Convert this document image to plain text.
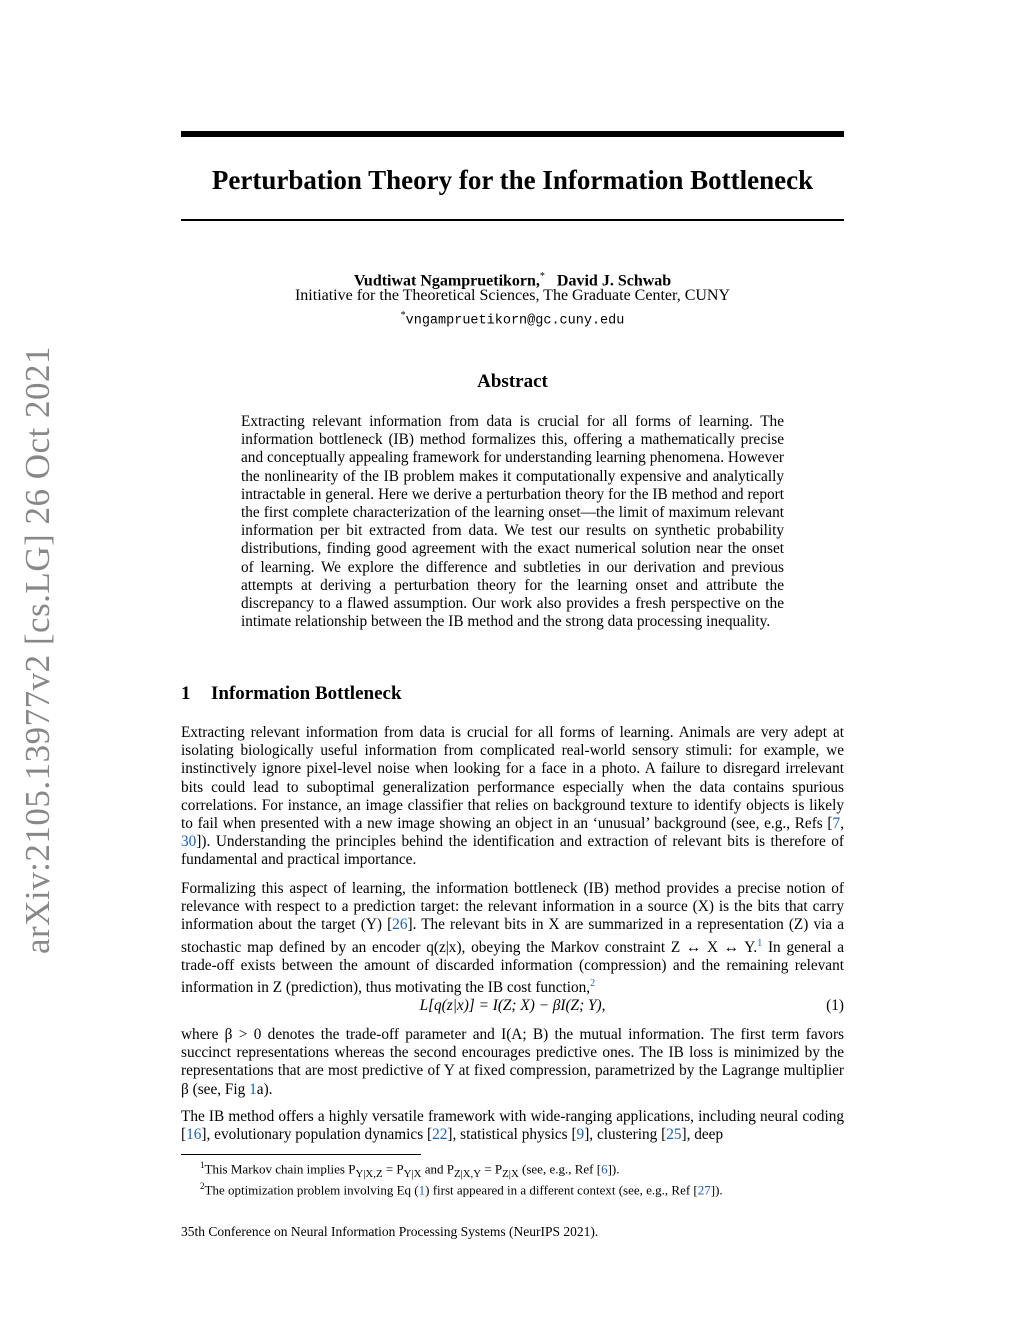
arXiv:2105.13977v2 [cs.LG] 26 Oct 2021
Perturbation Theory for the Information Bottleneck
Vudtiwat Ngampruetikorn,* David J. Schwab
Initiative for the Theoretical Sciences, The Graduate Center, CUNY
*vngampruetikorn@gc.cuny.edu
Abstract
Extracting relevant information from data is crucial for all forms of learning. The information bottleneck (IB) method formalizes this, offering a mathematically precise and conceptually appealing framework for understanding learning phenomena. However the nonlinearity of the IB problem makes it computationally expensive and analytically intractable in general. Here we derive a perturbation theory for the IB method and report the first complete characterization of the learning onset—the limit of maximum relevant information per bit extracted from data. We test our results on synthetic probability distributions, finding good agreement with the exact numerical solution near the onset of learning. We explore the difference and subtleties in our derivation and previous attempts at deriving a perturbation theory for the learning onset and attribute the discrepancy to a flawed assumption. Our work also provides a fresh perspective on the intimate relationship between the IB method and the strong data processing inequality.
1 Information Bottleneck
Extracting relevant information from data is crucial for all forms of learning. Animals are very adept at isolating biologically useful information from complicated real-world sensory stimuli: for example, we instinctively ignore pixel-level noise when looking for a face in a photo. A failure to disregard irrelevant bits could lead to suboptimal generalization performance especially when the data contains spurious correlations. For instance, an image classifier that relies on background texture to identify objects is likely to fail when presented with a new image showing an object in an ‘unusual’ background (see, e.g., Refs [7, 30]). Understanding the principles behind the identification and extraction of relevant bits is therefore of fundamental and practical importance.
Formalizing this aspect of learning, the information bottleneck (IB) method provides a precise notion of relevance with respect to a prediction target: the relevant information in a source (X) is the bits that carry information about the target (Y) [26]. The relevant bits in X are summarized in a representation (Z) via a stochastic map defined by an encoder q(z|x), obeying the Markov constraint Z ↔ X ↔ Y.$^1$ In general a trade-off exists between the amount of discarded information (compression) and the remaining relevant information in Z (prediction), thus motivating the IB cost function,$^2$
L[q(z|x)] = I(Z; X) − βI(Z; Y),	(1)
where β > 0 denotes the trade-off parameter and I(A; B) the mutual information. The first term favors succinct representations whereas the second encourages predictive ones. The IB loss is minimized by the representations that are most predictive of Y at fixed compression, parametrized by the Lagrange multiplier β (see, Fig 1a).
The IB method offers a highly versatile framework with wide-ranging applications, including neural coding [16], evolutionary population dynamics [22], statistical physics [9], clustering [25], deep
$^1$This Markov chain implies $P_{Y|X,Z} = P_{Y|X}$ and $P_{Z|X,Y} = P_{Z|X}$ (see, e.g., Ref [6]).
$^2$The optimization problem involving Eq (1) first appeared in a different context (see, e.g., Ref [27]).
35th Conference on Neural Information Processing Systems (NeurIPS 2021).
